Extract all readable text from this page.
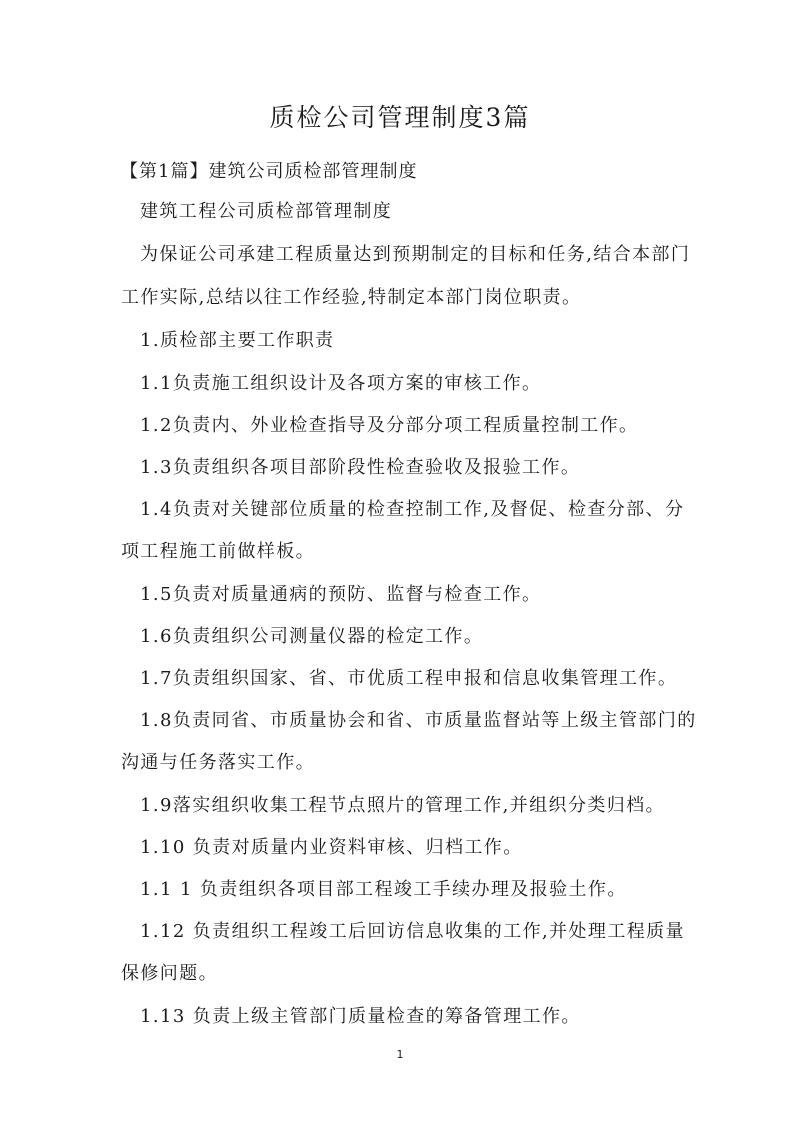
质检公司管理制度3篇
【第1篇】建筑公司质检部管理制度
建筑工程公司质检部管理制度
为保证公司承建工程质量达到预期制定的目标和任务,结合本部门
工作实际,总结以往工作经验,特制定本部门岗位职责。
1.质检部主要工作职责
1.1负责施工组织设计及各项方案的审核工作。
1.2负责内、外业检查指导及分部分项工程质量控制工作。
1.3负责组织各项目部阶段性检查验收及报验工作。
1.4负责对关键部位质量的检查控制工作,及督促、检查分部、分
项工程施工前做样板。
1.5负责对质量通病的预防、监督与检查工作。
1.6负责组织公司测量仪器的检定工作。
1.7负责组织国家、省、市优质工程申报和信息收集管理工作。
1.8负责同省、市质量协会和省、市质量监督站等上级主管部门的
沟通与任务落实工作。
1.9落实组织收集工程节点照片的管理工作,并组织分类归档。
1.10 负责对质量内业资料审核、归档工作。
1.1 1 负责组织各项目部工程竣工手续办理及报验土作。
1.12 负责组织工程竣工后回访信息收集的工作,并处理工程质量
保修问题。
1.13 负责上级主管部门质量检查的筹备管理工作。
1
